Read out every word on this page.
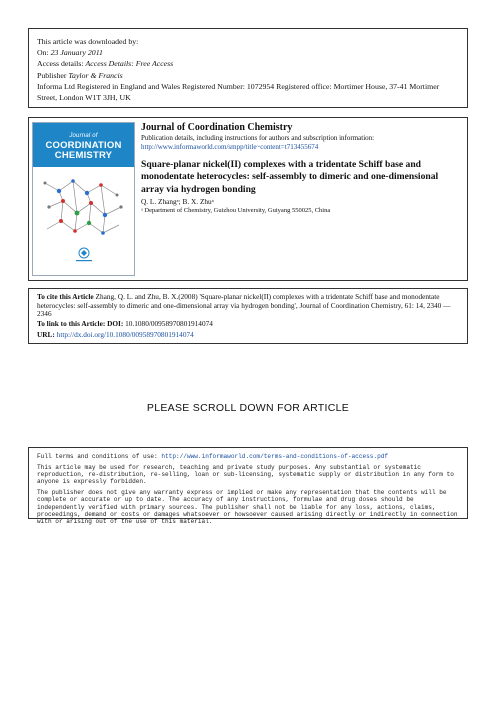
This article was downloaded by:
On: 23 January 2011
Access details: Access Details: Free Access
Publisher Taylor & Francis
Informa Ltd Registered in England and Wales Registered Number: 1072954 Registered office: Mortimer House, 37-41 Mortimer Street, London W1T 3JH, UK
Journal of
COORDINATION
CHEMISTRY
Journal of Coordination Chemistry
Publication details, including instructions for authors and subscription information:
http://www.informaworld.com/smpp/title~content=t713455674
Square-planar nickel(II) complexes with a tridentate Schiff base and monodentate heterocycles: self-assembly to dimeric and one-dimensional array via hydrogen bonding
Q. L. Zhangᵃ; B. X. Zhuᵃ
ᵃ Department of Chemistry, Guizhou University, Guiyang 550025, China
To cite this Article Zhang, Q. L. and Zhu, B. X.(2008) 'Square-planar nickel(II) complexes with a tridentate Schiff base and monodentate heterocycles: self-assembly to dimeric and one-dimensional array via hydrogen bonding', Journal of Coordination Chemistry, 61: 14, 2340 — 2346
To link to this Article: DOI: 10.1080/00958970801914074
URL: http://dx.doi.org/10.1080/00958970801914074
PLEASE SCROLL DOWN FOR ARTICLE

Full terms and conditions of use: http://www.informaworld.com/terms-and-conditions-of-access.pdf

This article may be used for research, teaching and private study purposes. Any substantial or systematic reproduction, re-distribution, re-selling, loan or sub-licensing, systematic supply or distribution in any form to anyone is expressly forbidden.

The publisher does not give any warranty express or implied or make any representation that the contents will be complete or accurate or up to date. The accuracy of any instructions, formulae and drug doses should be independently verified with primary sources. The publisher shall not be liable for any loss, actions, claims, proceedings, demand or costs or damages whatsoever or howsoever caused arising directly or indirectly in connection with or arising out of the use of this material.
